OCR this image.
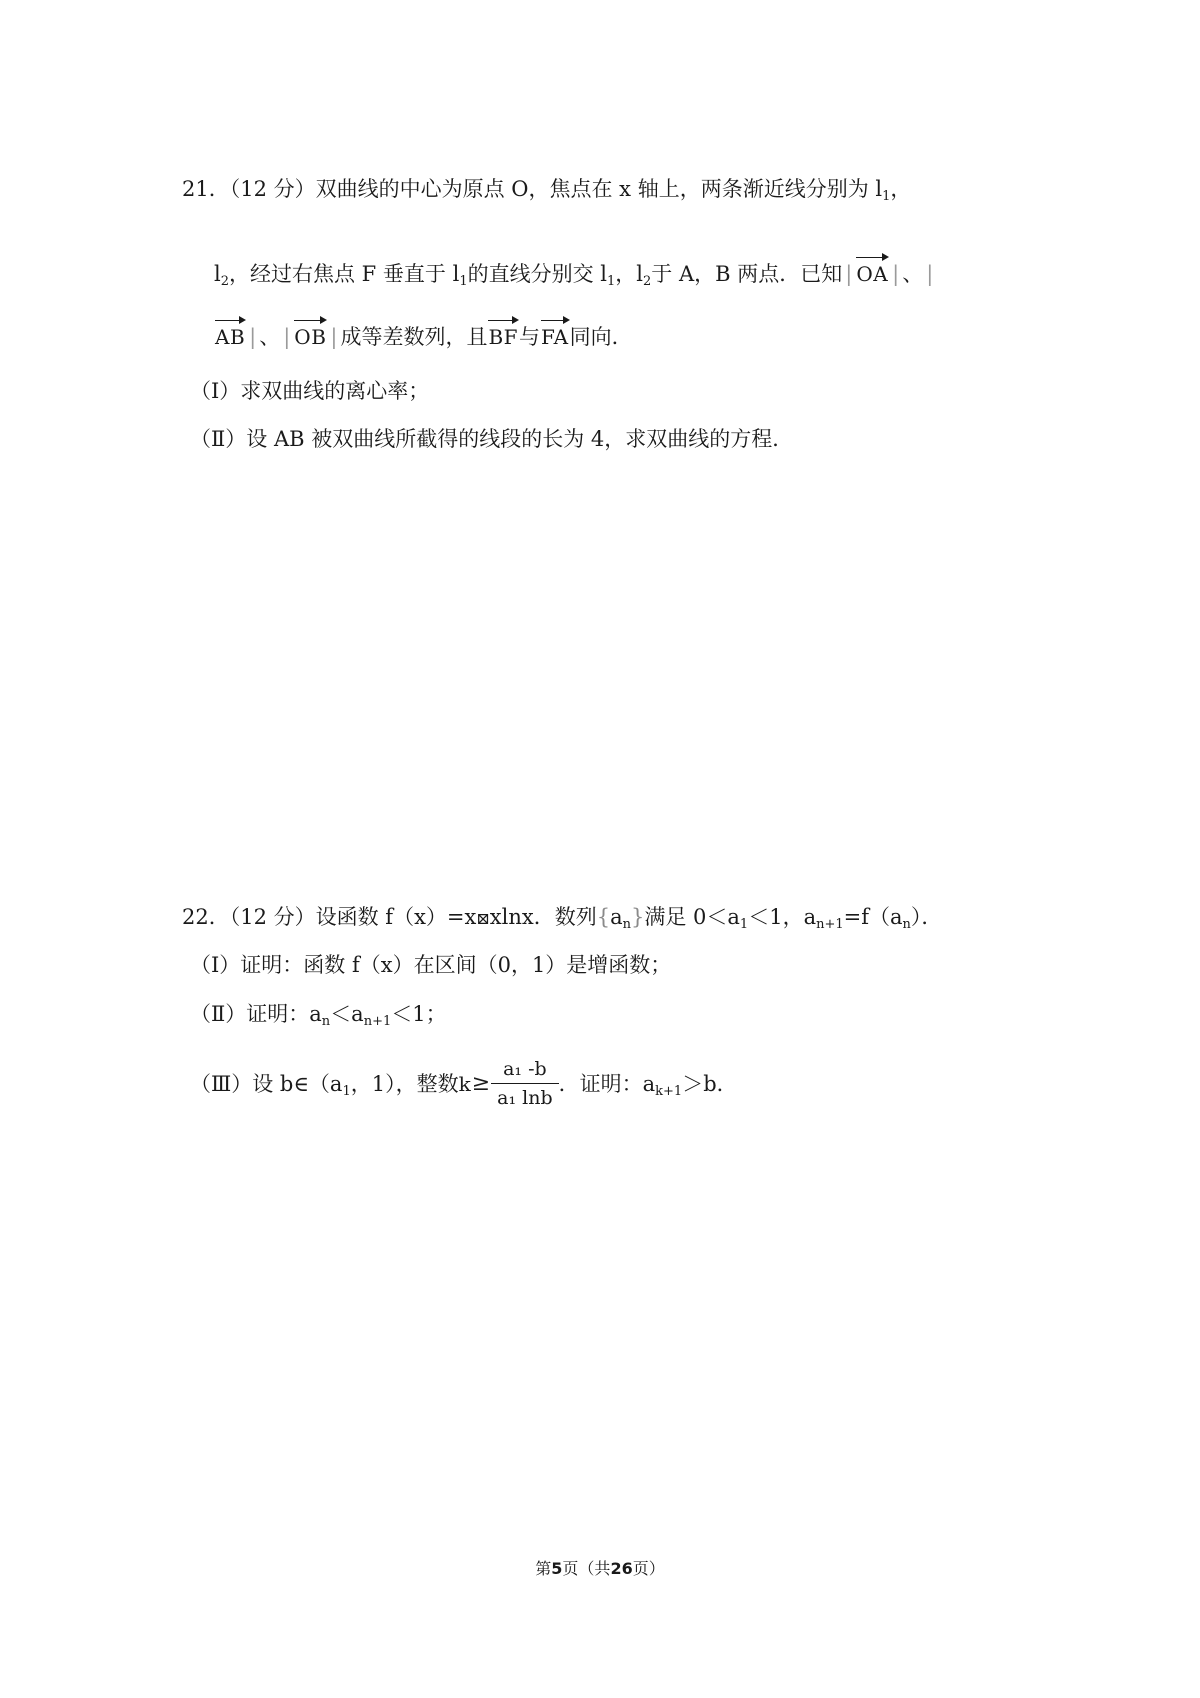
21．（12 分）双曲线的中心为原点 O，焦点在 x 轴上，两条渐近线分别为 $l_1$，
$l_2$，经过右焦点 F 垂直于 $l_1$的直线分别交 $l_1$，$l_2$于 A，B 两点．已知 | OA | 、 |
AB | 、 | OB | 成等差数列，且BF与FA同向．
（Ⅰ）求双曲线的离心率；
（Ⅱ）设 AB 被双曲线所截得的线段的长为 4，求双曲线的方程．
22．（12 分）设函数 f（x）=x⊠xlnx．数列$\{a_n\}$满足 $0<a_1<1$，$a_{n+1}=f(a_n)$．
（Ⅰ）证明：函数 f（x）在区间（0，1）是增函数；
（Ⅱ）证明：$a_n<a_{n+1}<1$；
（Ⅲ）设 $b\in(a_1$，1），整数$k\ge \frac{\text{a₁ -b}}{\text{a₁ lnb}}$ ．证明：$a_{k+1}>b$．
第5页（共26页）
